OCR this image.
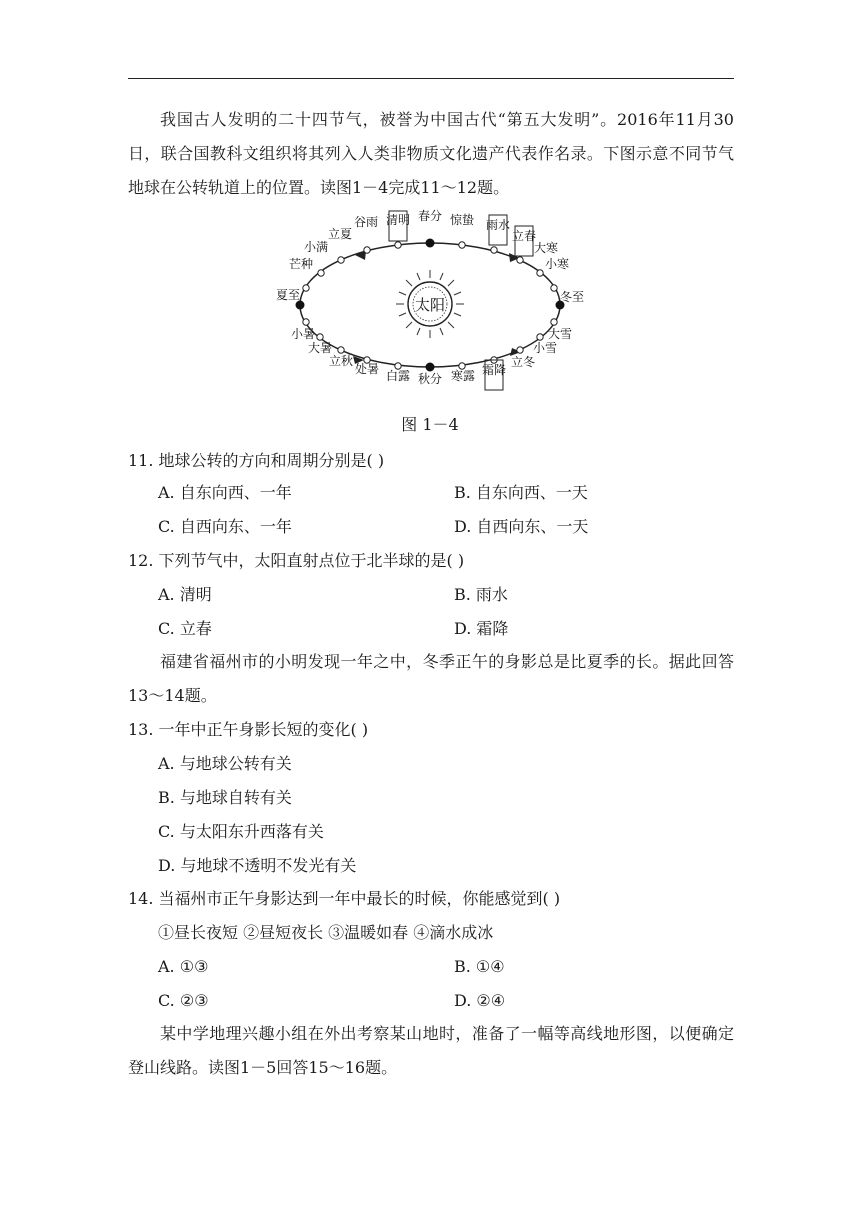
我国古人发明的二十四节气，被誉为中国古代“第五大发明”。2016年11月30日，联合国教科文组织将其列入人类非物质文化遗产代表作名录。下图示意不同节气地球在公转轨道上的位置。读图1－4完成11～12题。

太阳
清明
谷雨
立夏
小满
芒种
夏至
小暑
大暑
立秋
处暑 白露 秋分 寒露 霜降
立冬
小雪
大雪
冬至
小寒
大寒
立春
雨水
惊蛰
春分
图 1－4

11. 地球公转的方向和周期分别是( )

A. 自东向西、一年	B. 自东向西、一天
C. 自西向东、一年	D. 自西向东、一天

12. 下列节气中，太阳直射点位于北半球的是( )

A. 清明	B. 雨水
C. 立春	D. 霜降

福建省福州市的小明发现一年之中，冬季正午的身影总是比夏季的长。据此回答13～14题。

13. 一年中正午身影长短的变化( )

A. 与地球公转有关
B. 与地球自转有关
C. 与太阳东升西落有关
D. 与地球不透明不发光有关

14. 当福州市正午身影达到一年中最长的时候，你能感觉到( )

①昼长夜短 ②昼短夜长 ③温暖如春 ④滴水成冰
A. ①③	B. ①④
C. ②③	D. ②④

某中学地理兴趣小组在外出考察某山地时，准备了一幅等高线地形图，以便确定登山线路。读图1－5回答15～16题。
